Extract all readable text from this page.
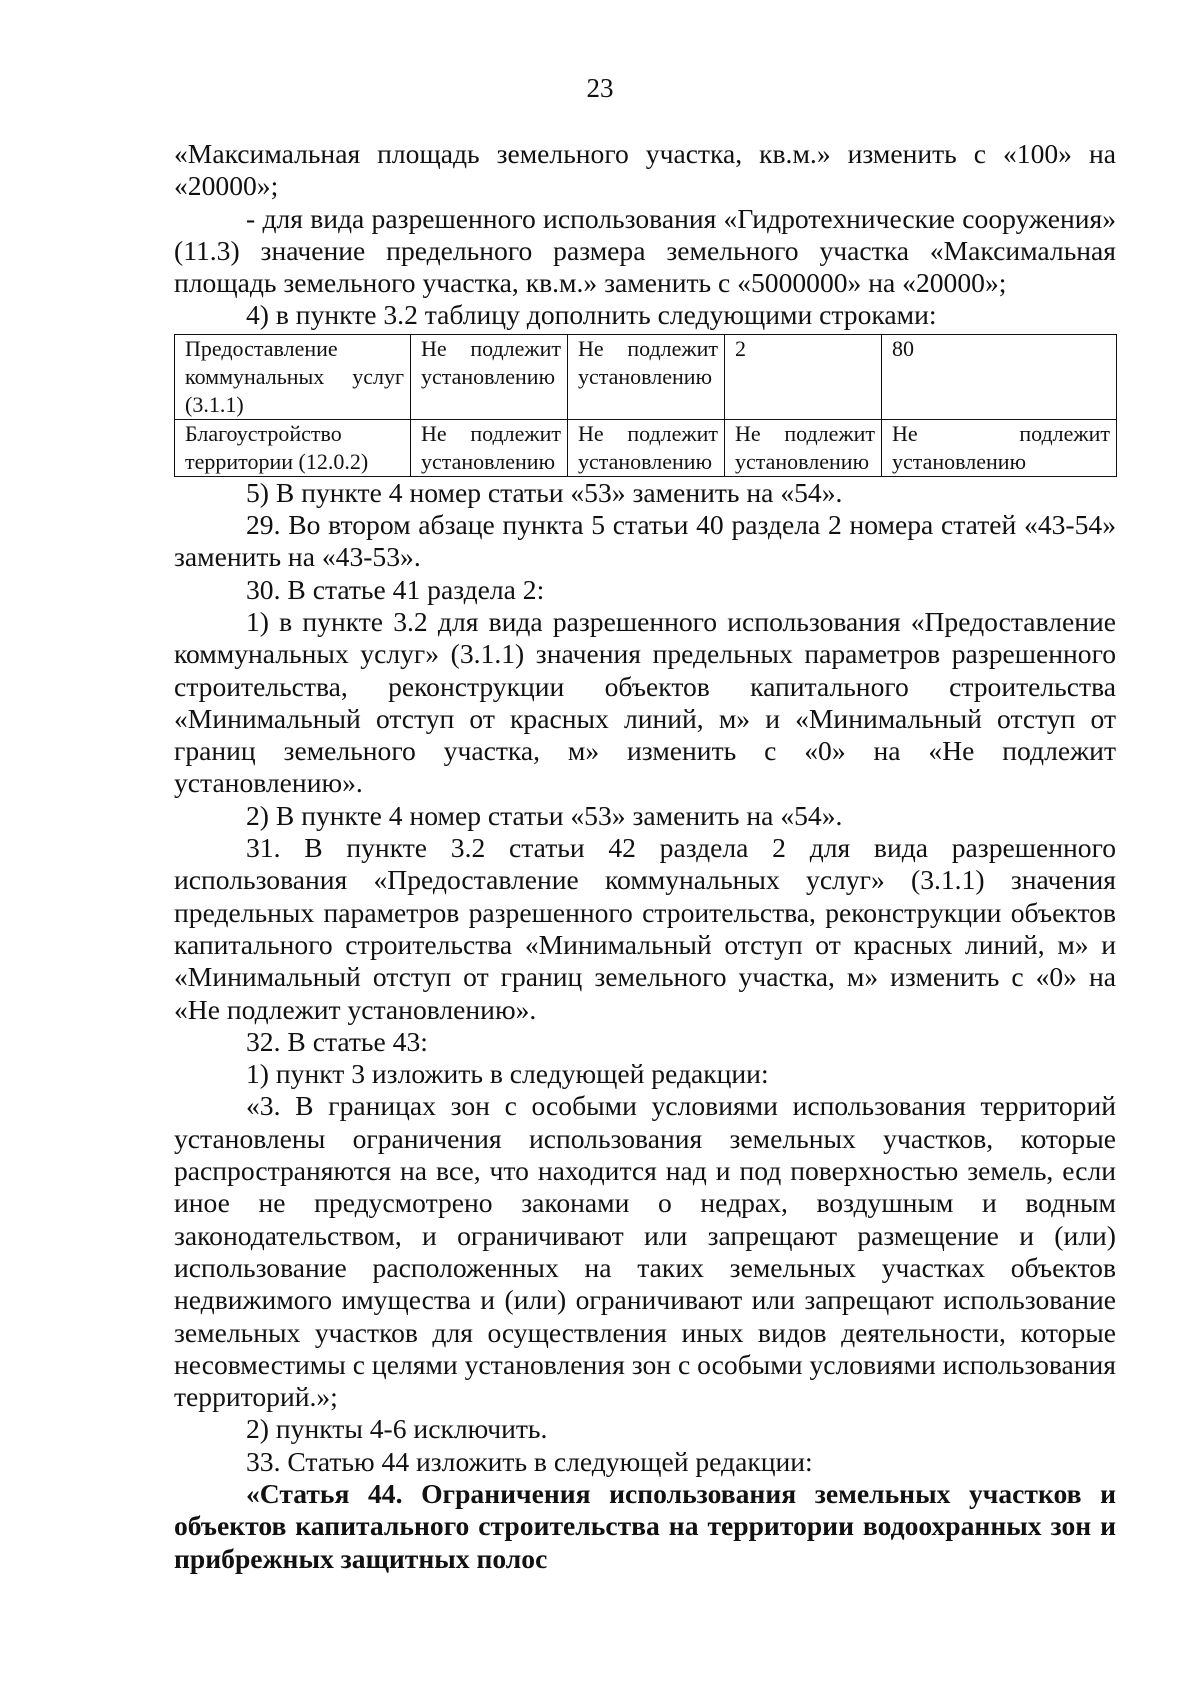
23

«Максимальная площадь земельного участка, кв.м.» изменить с «100» на «20000»;

- для вида разрешенного использования «Гидротехнические сооружения» (11.3) значение предельного размера земельного участка «Максимальная площадь земельного участка, кв.м.» заменить с «5000000» на «20000»;

4) в пункте 3.2 таблицу дополнить следующими строками:

Предоставление коммунальных услуг (3.1.1)	Не подлежит установлению	Не подлежит установлению	2	80

Благоустройство территории (12.0.2)	Не подлежит установлению	Не подлежит установлению	Не подлежит установлению	Не подлежит установлению

5) В пункте 4 номер статьи «53» заменить на «54».

29. Во втором абзаце пункта 5 статьи 40 раздела 2 номера статей «43-54» заменить на «43-53».

30. В статье 41 раздела 2:

1) в пункте 3.2 для вида разрешенного использования «Предоставление коммунальных услуг» (3.1.1) значения предельных параметров разрешенного строительства, реконструкции объектов капитального строительства «Минимальный отступ от красных линий, м» и «Минимальный отступ от границ земельного участка, м» изменить с «0» на «Не подлежит установлению».

2) В пункте 4 номер статьи «53» заменить на «54».

31. В пункте 3.2 статьи 42 раздела 2 для вида разрешенного использования «Предоставление коммунальных услуг» (3.1.1) значения предельных параметров разрешенного строительства, реконструкции объектов капитального строительства «Минимальный отступ от красных линий, м» и «Минимальный отступ от границ земельного участка, м» изменить с «0» на «Не подлежит установлению».

32. В статье 43:

1) пункт 3 изложить в следующей редакции:

«3. В границах зон с особыми условиями использования территорий установлены ограничения использования земельных участков, которые распространяются на все, что находится над и под поверхностью земель, если иное не предусмотрено законами о недрах, воздушным и водным законодательством, и ограничивают или запрещают размещение и (или) использование расположенных на таких земельных участках объектов недвижимого имущества и (или) ограничивают или запрещают использование земельных участков для осуществления иных видов деятельности, которые несовместимы с целями установления зон с особыми условиями использования территорий.»;

2) пункты 4-6 исключить.

33. Статью 44 изложить в следующей редакции:

«Статья 44. Ограничения использования земельных участков и объектов капитального строительства на территории водоохранных зон и прибрежных защитных полос
